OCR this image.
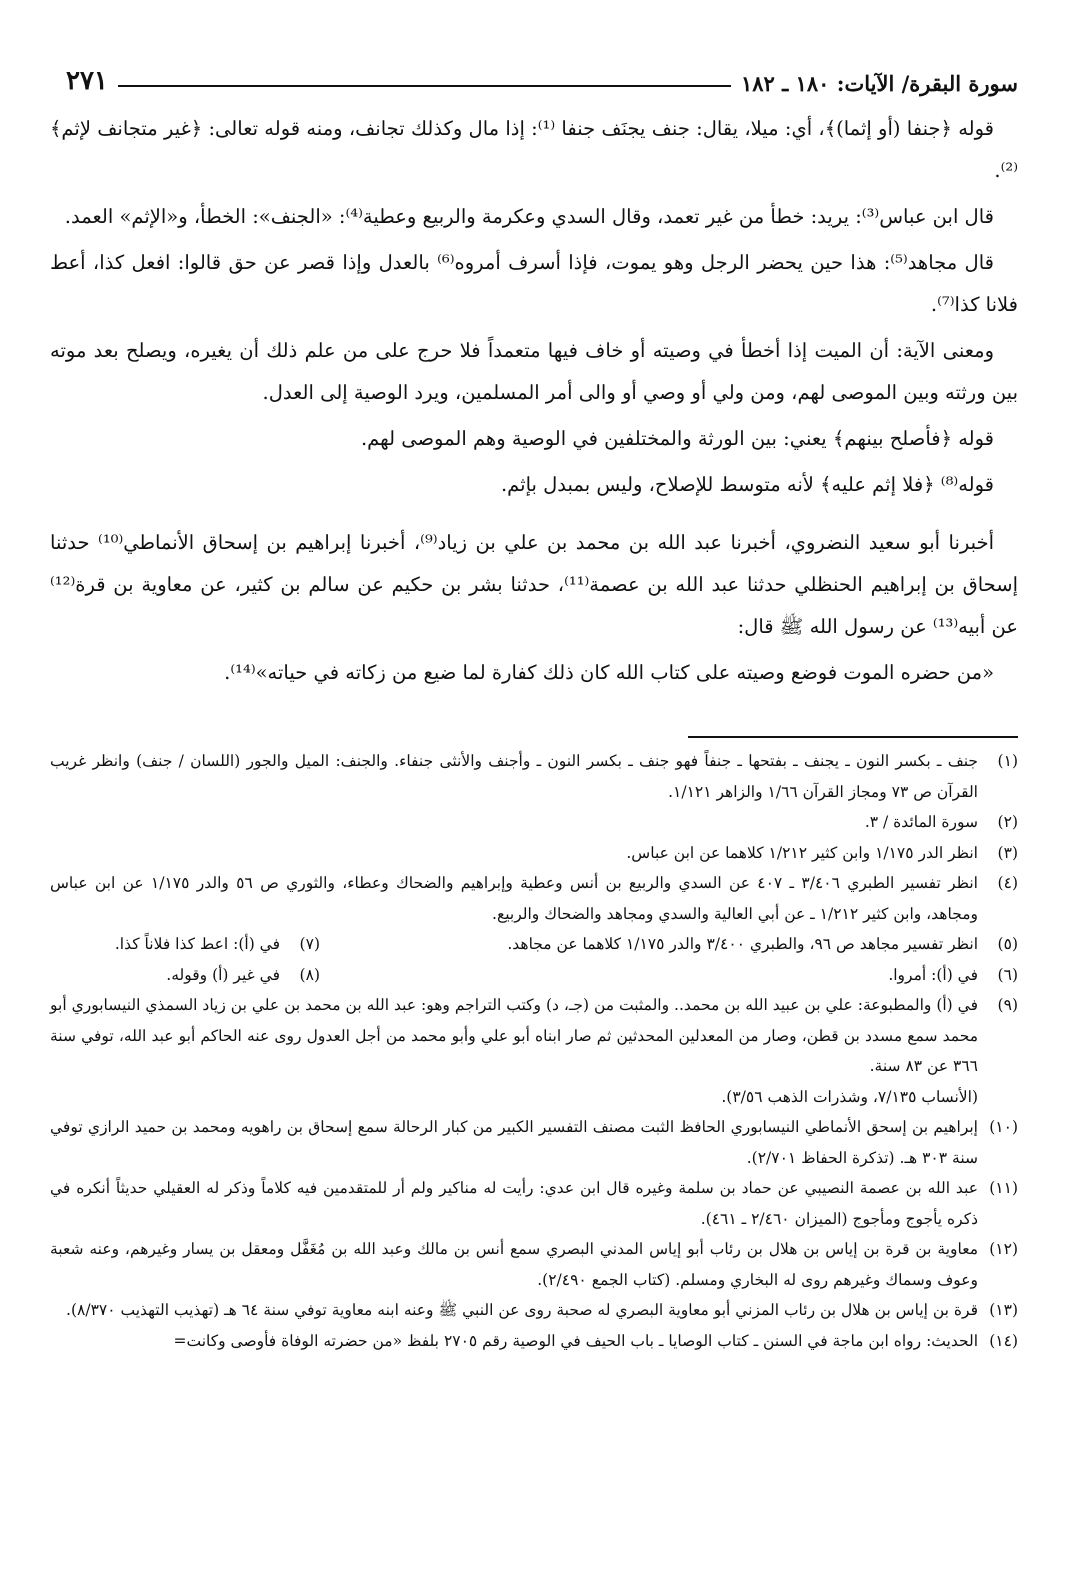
سورة البقرة/ الآيات: ١٨٠ ـ ١٨٢
٢٧١

قوله ﴿جنفا (أو إثما)﴾، أي: ميلا، يقال: جنف يجنَف جنفا ⁽¹⁾: إذا مال وكذلك تجانف، ومنه قوله تعالى: ﴿غير متجانف لإثم﴾⁽²⁾.

قال ابن عباس⁽³⁾: يريد: خطأ من غير تعمد، وقال السدي وعكرمة والربيع وعطية⁽⁴⁾: «الجنف»: الخطأ، و«الإثم» العمد.

قال مجاهد⁽⁵⁾: هذا حين يحضر الرجل وهو يموت، فإذا أسرف أمروه⁽⁶⁾ بالعدل وإذا قصر عن حق قالوا: افعل كذا، أعط فلانا كذا⁽⁷⁾.

ومعنى الآية: أن الميت إذا أخطأ في وصيته أو خاف فيها متعمداً فلا حرج على من علم ذلك أن يغيره، ويصلح بعد موته بين ورثته وبين الموصى لهم، ومن ولي أو وصي أو والى أمر المسلمين، ويرد الوصية إلى العدل.

قوله ﴿فأصلح بينهم﴾ يعني: بين الورثة والمختلفين في الوصية وهم الموصى لهم.

قوله⁽⁸⁾ ﴿فلا إثم عليه﴾ لأنه متوسط للإصلاح، وليس بمبدل بإثم.

أخبرنا أبو سعيد النضروي، أخبرنا عبد الله بن محمد بن علي بن زياد⁽⁹⁾، أخبرنا إبراهيم بن إسحاق الأنماطي⁽¹⁰⁾ حدثنا إسحاق بن إبراهيم الحنظلي حدثنا عبد الله بن عصمة⁽¹¹⁾، حدثنا بشر بن حكيم عن سالم بن كثير، عن معاوية بن قرة⁽¹²⁾ عن أبيه⁽¹³⁾ عن رسول الله ﷺ قال:

«من حضره الموت فوضع وصيته على كتاب الله كان ذلك كفارة لما ضيع من زكاته في حياته»⁽¹⁴⁾.

(١)
جنف ـ بكسر النون ـ يجنف ـ بفتحها ـ جنفاً فهو جنف ـ بكسر النون ـ وأجنف والأنثى جنفاء. والجنف: الميل والجور (اللسان / جنف) وانظر غريب القرآن ص ٧٣ ومجاز القرآن ١/٦٦ والزاهر ١/١٢١.
(٢)
سورة المائدة / ٣.
(٣)
انظر الدر ١/١٧٥ وابن كثير ١/٢١٢ كلاهما عن ابن عباس.
(٤)
انظر تفسير الطبري ٣/٤٠٦ ـ ٤٠٧ عن السدي والربيع بن أنس وعطية وإبراهيم والضحاك وعطاء، والثوري ص ٥٦ والدر ١/١٧٥ عن ابن عباس ومجاهد، وابن كثير ١/٢١٢ ـ عن أبي العالية والسدي ومجاهد والضحاك والربيع.
(٥)
انظر تفسير مجاهد ص ٩٦، والطبري ٣/٤٠٠ والدر ١/١٧٥ كلاهما عن مجاهد.
(٧)
في (أ): اعط كذا فلاناً كذا.
(٦)
في (أ): أمروا.
(٨)
في غير (أ) وقوله.
(٩)
في (أ) والمطبوعة: علي بن عبيد الله بن محمد.. والمثبت من (جـ، د) وكتب التراجم وهو: عبد الله بن محمد بن علي بن زياد السمذي النيسابوري أبو محمد سمع مسدد بن قطن، وصار من المعدلين المحدثين ثم صار ابناه أبو علي وأبو محمد من أجل العدول روى عنه الحاكم أبو عبد الله، توفي سنة ٣٦٦ عن ٨٣ سنة.
(الأنساب ٧/١٣٥، وشذرات الذهب ٣/٥٦).
(١٠)
إبراهيم بن إسحق الأنماطي النيسابوري الحافظ الثبت مصنف التفسير الكبير من كبار الرحالة سمع إسحاق بن راهويه ومحمد بن حميد الرازي توفي سنة ٣٠٣ هـ. (تذكرة الحفاظ ٢/٧٠١).
(١١)
عبد الله بن عصمة النصيبي عن حماد بن سلمة وغيره قال ابن عدي: رأيت له مناكير ولم أر للمتقدمين فيه كلاماً وذكر له العقيلي حديثاً أنكره في ذكره يأجوج ومأجوج (الميزان ٢/٤٦٠ ـ ٤٦١).
(١٢)
معاوية بن قرة بن إياس بن هلال بن رئاب أبو إياس المدني البصري سمع أنس بن مالك وعبد الله بن مُغَفَّل ومعقل بن يسار وغيرهم، وعنه شعبة وعوف وسماك وغيرهم روى له البخاري ومسلم. (كتاب الجمع ٢/٤٩٠).
(١٣)
قرة بن إياس بن هلال بن رئاب المزني أبو معاوية البصري له صحبة روى عن النبي ﷺ وعنه ابنه معاوية توفي سنة ٦٤ هـ (تهذيب التهذيب ٨/٣٧٠).
(١٤)
الحديث: رواه ابن ماجة في السنن ـ كتاب الوصايا ـ باب الحيف في الوصية رقم ٢٧٠٥ بلفظ «من حضرته الوفاة فأوصى وكانت=
